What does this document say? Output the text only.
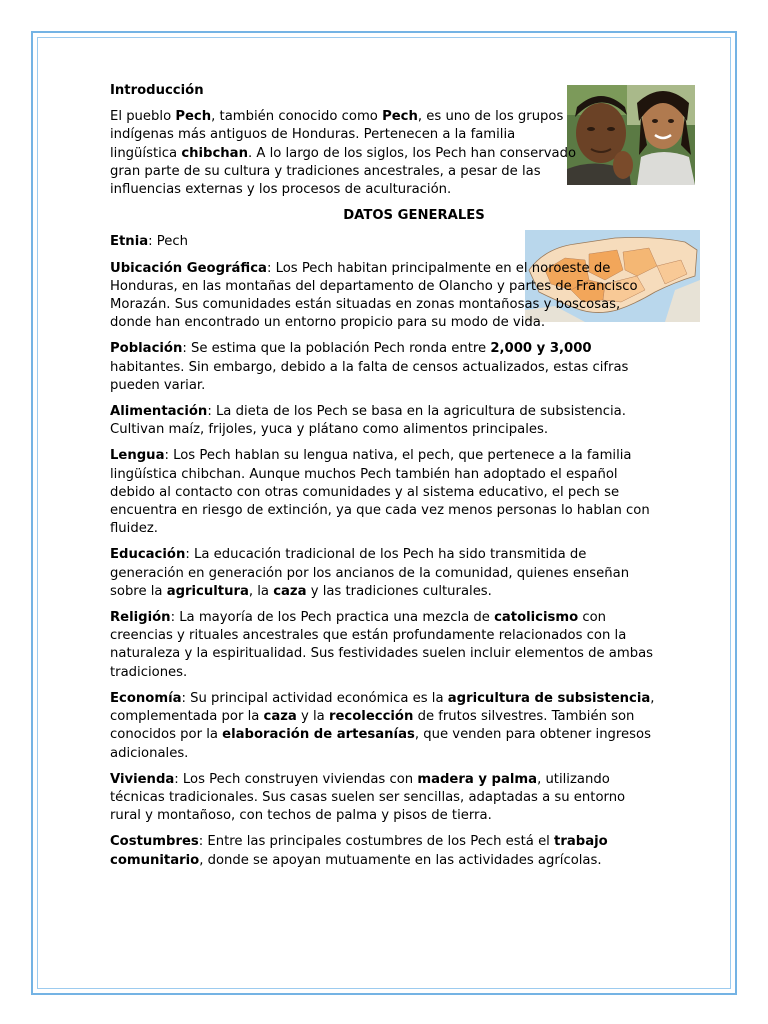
Introducción

El pueblo Pech, también conocido como Pech, es uno de los grupos indígenas más antiguos de Honduras. Pertenecen a la familia lingüística chibchan. A lo largo de los siglos, los Pech han conservado gran parte de su cultura y tradiciones ancestrales, a pesar de las influencias externas y los procesos de aculturación.

DATOS GENERALES

Etnia: Pech

Ubicación Geográfica: Los Pech habitan principalmente en el noroeste de Honduras, en las montañas del departamento de Olancho y partes de Francisco Morazán. Sus comunidades están situadas en zonas montañosas y boscosas, donde han encontrado un entorno propicio para su modo de vida.

Población: Se estima que la población Pech ronda entre 2,000 y 3,000 habitantes. Sin embargo, debido a la falta de censos actualizados, estas cifras pueden variar.

Alimentación: La dieta de los Pech se basa en la agricultura de subsistencia. Cultivan maíz, frijoles, yuca y plátano como alimentos principales.

Lengua: Los Pech hablan su lengua nativa, el pech, que pertenece a la familia lingüística chibchan. Aunque muchos Pech también han adoptado el español debido al contacto con otras comunidades y al sistema educativo, el pech se encuentra en riesgo de extinción, ya que cada vez menos personas lo hablan con fluidez.

Educación: La educación tradicional de los Pech ha sido transmitida de generación en generación por los ancianos de la comunidad, quienes enseñan sobre la agricultura, la caza y las tradiciones culturales.

Religión: La mayoría de los Pech practica una mezcla de catolicismo con creencias y rituales ancestrales que están profundamente relacionados con la naturaleza y la espiritualidad. Sus festividades suelen incluir elementos de ambas tradiciones.

Economía: Su principal actividad económica es la agricultura de subsistencia, complementada por la caza y la recolección de frutos silvestres. También son conocidos por la elaboración de artesanías, que venden para obtener ingresos adicionales.

Vivienda: Los Pech construyen viviendas con madera y palma, utilizando técnicas tradicionales. Sus casas suelen ser sencillas, adaptadas a su entorno rural y montañoso, con techos de palma y pisos de tierra.

Costumbres: Entre las principales costumbres de los Pech está el trabajo comunitario, donde se apoyan mutuamente en las actividades agrícolas.
